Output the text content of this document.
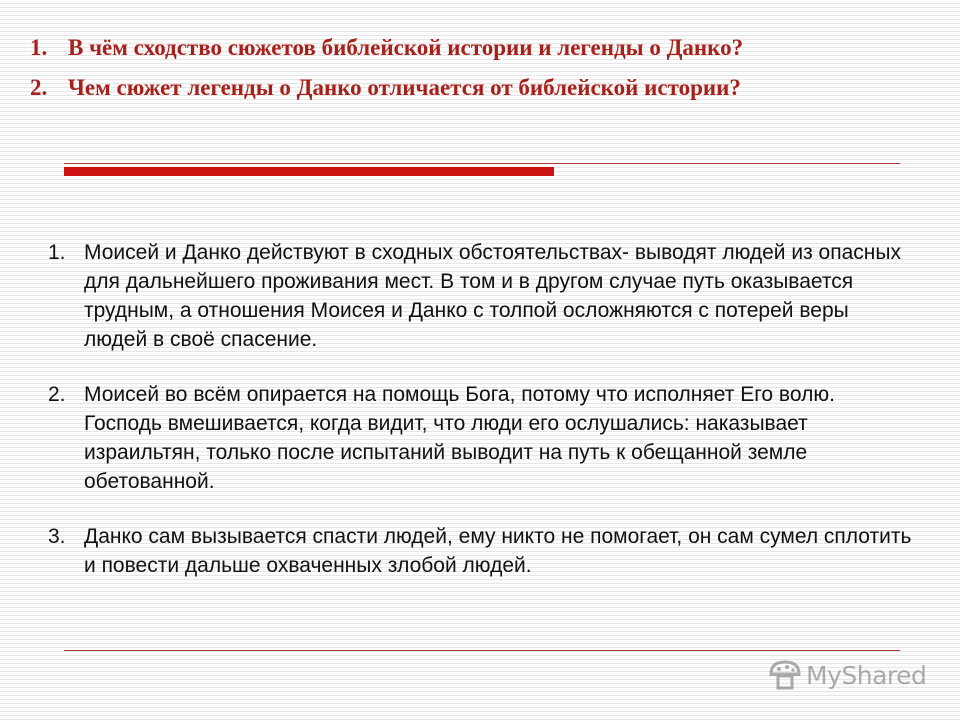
1. В чём сходство сюжетов библейской истории и легенды о Данко?
2. Чем сюжет легенды о Данко отличается от библейской истории?
1. Моисей и Данко действуют в сходных обстоятельствах- выводят людей из опасных для дальнейшего проживания мест. В том и в другом случае путь оказывается трудным, а отношения Моисея и Данко с толпой осложняются с потерей веры людей в своё спасение.
2. Моисей во всём опирается на помощь Бога, потому что исполняет Его волю. Господь вмешивается, когда видит, что люди его ослушались: наказывает израильтян, только после испытаний выводит на путь к обещанной земле обетованной.
3. Данко сам вызывается спасти людей, ему никто не помогает, он сам сумел сплотить и повести дальше охваченных злобой людей.
MyShared
